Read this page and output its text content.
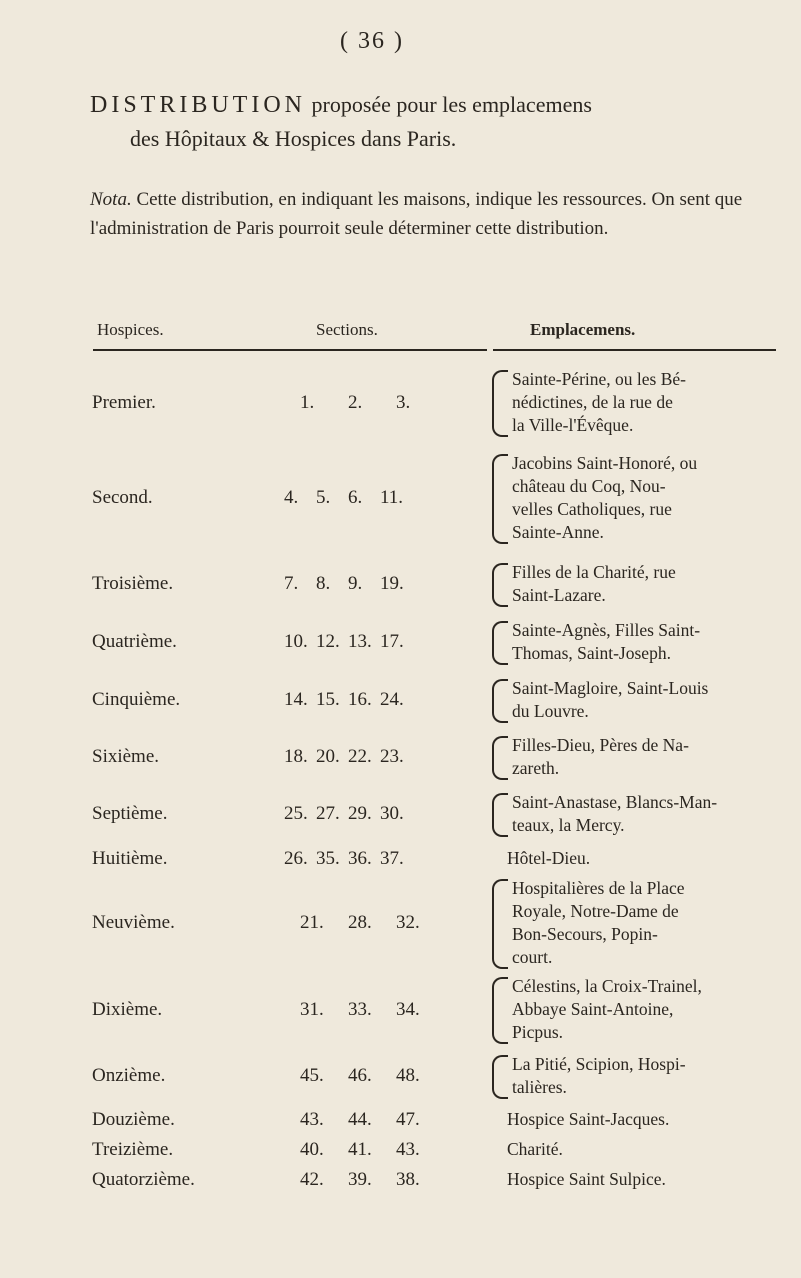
( 36 )
DISTRIBUTION proposée pour les emplacemens
des Hôpitaux & Hospices dans Paris.
Nota. Cette distribution, en indiquant les maisons, indique les ressources. On sent que l'administration de Paris pourroit seule déterminer cette distribution.
Hospices.	Sections.	Emplacemens.
Premier.	1. 2. 3.
Sainte-Périne, ou les Bé-
nédictines, de la rue de
la Ville-l'Évêque.
Second.	4. 5. 6. 11.
Jacobins Saint-Honoré, ou
château du Coq, Nou-
velles Catholiques, rue
Sainte-Anne.
Troisième.	7. 8. 9. 19.
Filles de la Charité, rue
Saint-Lazare.
Quatrième.	10. 12. 13. 17.
Sainte-Agnès, Filles Saint-
Thomas, Saint-Joseph.
Cinquième.	14. 15. 16. 24.
Saint-Magloire, Saint-Louis
du Louvre.
Sixième.	18. 20. 22. 23.
Filles-Dieu, Pères de Na-
zareth.
Septième.	25. 27. 29. 30.
Saint-Anastase, Blancs-Man-
teaux, la Mercy.
Huitième.	26. 35. 36. 37.	Hôtel-Dieu.
Neuvième.	21. 28. 32.
Hospitalières de la Place
Royale, Notre-Dame de
Bon-Secours, Popin-
court.
Dixième.	31. 33. 34.
Célestins, la Croix-Trainel,
Abbaye Saint-Antoine,
Picpus.
Onzième.	45. 46. 48.
La Pitié, Scipion, Hospi-
talières.
Douzième.	43. 44. 47.	Hospice Saint-Jacques.
Treizième.	40. 41. 43.	Charité.
Quatorzième.	42. 39. 38.	Hospice Saint Sulpice.
